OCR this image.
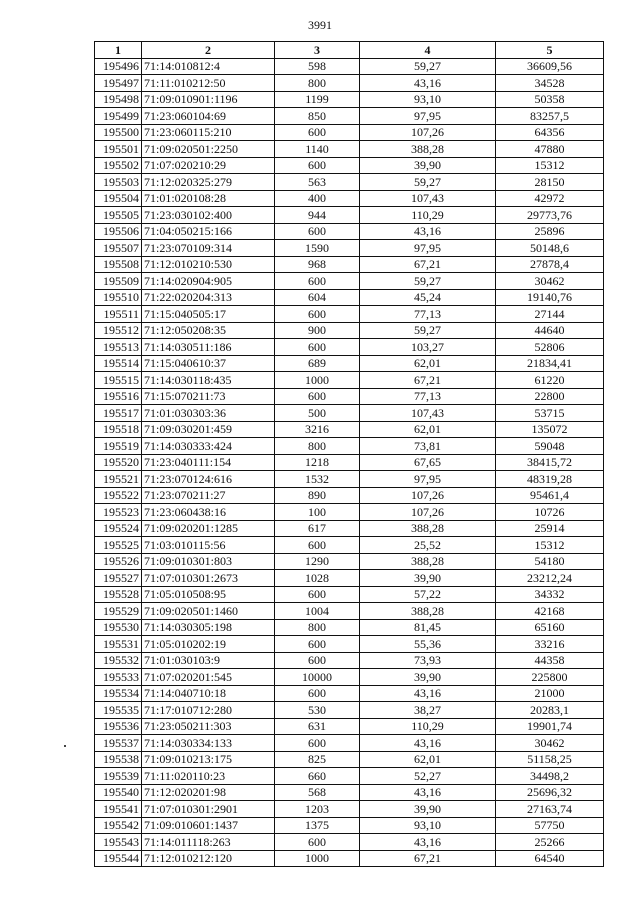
3991
1	2	3	4	5
195496	71:14:010812:4	598	59,27	36609,56
195497	71:11:010212:50	800	43,16	34528
195498	71:09:010901:1196	1199	93,10	50358
195499	71:23:060104:69	850	97,95	83257,5
195500	71:23:060115:210	600	107,26	64356
195501	71:09:020501:2250	1140	388,28	47880
195502	71:07:020210:29	600	39,90	15312
195503	71:12:020325:279	563	59,27	28150
195504	71:01:020108:28	400	107,43	42972
195505	71:23:030102:400	944	110,29	29773,76
195506	71:04:050215:166	600	43,16	25896
195507	71:23:070109:314	1590	97,95	50148,6
195508	71:12:010210:530	968	67,21	27878,4
195509	71:14:020904:905	600	59,27	30462
195510	71:22:020204:313	604	45,24	19140,76
195511	71:15:040505:17	600	77,13	27144
195512	71:12:050208:35	900	59,27	44640
195513	71:14:030511:186	600	103,27	52806
195514	71:15:040610:37	689	62,01	21834,41
195515	71:14:030118:435	1000	67,21	61220
195516	71:15:070211:73	600	77,13	22800
195517	71:01:030303:36	500	107,43	53715
195518	71:09:030201:459	3216	62,01	135072
195519	71:14:030333:424	800	73,81	59048
195520	71:23:040111:154	1218	67,65	38415,72
195521	71:23:070124:616	1532	97,95	48319,28
195522	71:23:070211:27	890	107,26	95461,4
195523	71:23:060438:16	100	107,26	10726
195524	71:09:020201:1285	617	388,28	25914
195525	71:03:010115:56	600	25,52	15312
195526	71:09:010301:803	1290	388,28	54180
195527	71:07:010301:2673	1028	39,90	23212,24
195528	71:05:010508:95	600	57,22	34332
195529	71:09:020501:1460	1004	388,28	42168
195530	71:14:030305:198	800	81,45	65160
195531	71:05:010202:19	600	55,36	33216
195532	71:01:030103:9	600	73,93	44358
195533	71:07:020201:545	10000	39,90	225800
195534	71:14:040710:18	600	43,16	21000
195535	71:17:010712:280	530	38,27	20283,1
195536	71:23:050211:303	631	110,29	19901,74
195537	71:14:030334:133	600	43,16	30462
195538	71:09:010213:175	825	62,01	51158,25
195539	71:11:020110:23	660	52,27	34498,2
195540	71:12:020201:98	568	43,16	25696,32
195541	71:07:010301:2901	1203	39,90	27163,74
195542	71:09:010601:1437	1375	93,10	57750
195543	71:14:011118:263	600	43,16	25266
195544	71:12:010212:120	1000	67,21	64540
